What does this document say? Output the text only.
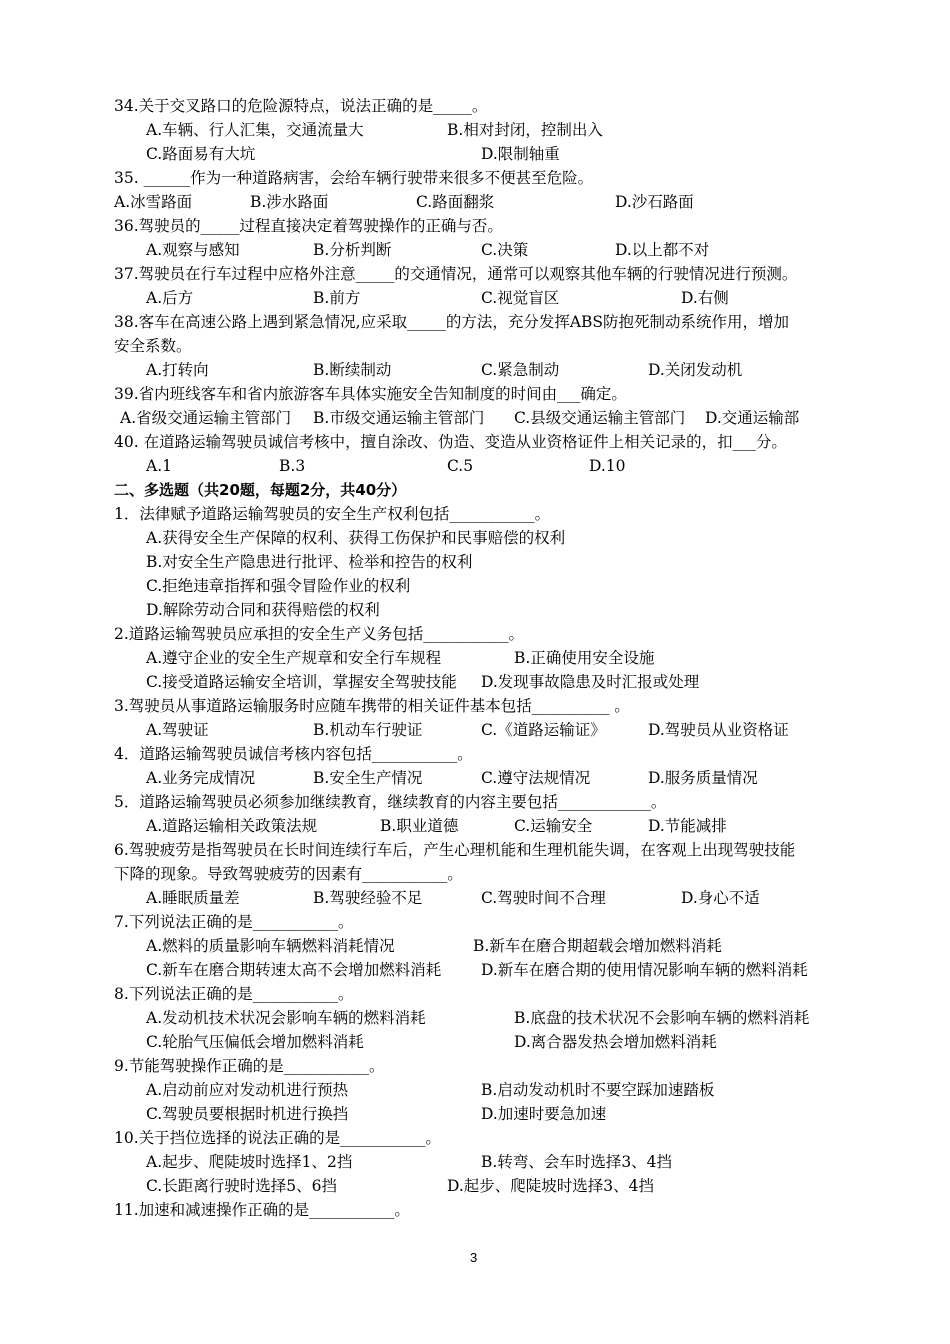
34.关于交叉路口的危险源特点，说法正确的是_____。
A.车辆、行人汇集，交通流量大	B.相对封闭，控制出入
C.路面易有大坑	D.限制轴重
35. ______作为一种道路病害，会给车辆行驶带来很多不便甚至危险。
A.冰雪路面	B.涉水路面	C.路面翻浆	D.沙石路面
36.驾驶员的_____过程直接决定着驾驶操作的正确与否。
A.观察与感知	B.分析判断	C.决策	D.以上都不对
37.驾驶员在行车过程中应格外注意_____的交通情况，通常可以观察其他车辆的行驶情况进行预测。
A.后方	B.前方	C.视觉盲区	D.右侧
38.客车在高速公路上遇到紧急情况,应采取_____的方法，充分发挥ABS防抱死制动系统作用，增加
安全系数。
A.打转向	B.断续制动	C.紧急制动	D.关闭发动机
39.省内班线客车和省内旅游客车具体实施安全告知制度的时间由___确定。
A.省级交通运输主管部门 B.市级交通运输主管部门 C.县级交通运输主管部门 D.交通运输部
40. 在道路运输驾驶员诚信考核中，擅自涂改、伪造、变造从业资格证件上相关记录的，扣___分。
A.1	B.3	C.5	D.10
二、多选题（共20题，每题2分，共40分）
1．法律赋予道路运输驾驶员的安全生产权利包括___________。
A.获得安全生产保障的权利、获得工伤保护和民事赔偿的权利
B.对安全生产隐患进行批评、检举和控告的权利
C.拒绝违章指挥和强令冒险作业的权利
D.解除劳动合同和获得赔偿的权利
2.道路运输驾驶员应承担的安全生产义务包括___________。
A.遵守企业的安全生产规章和安全行车规程	B.正确使用安全设施
C.接受道路运输安全培训，掌握安全驾驶技能 D.发现事故隐患及时汇报或处理
3.驾驶员从事道路运输服务时应随车携带的相关证件基本包括__________ 。
A.驾驶证	B.机动车行驶证	C.《道路运输证》	D.驾驶员从业资格证
4．道路运输驾驶员诚信考核内容包括___________。
A.业务完成情况	B.安全生产情况	C.遵守法规情况	D.服务质量情况
5．道路运输驾驶员必须参加继续教育，继续教育的内容主要包括____________。
A.道路运输相关政策法规	B.职业道德	C.运输安全	D.节能减排
6.驾驶疲劳是指驾驶员在长时间连续行车后，产生心理机能和生理机能失调，在客观上出现驾驶技能
下降的现象。导致驾驶疲劳的因素有___________。
A.睡眠质量差	B.驾驶经验不足	C.驾驶时间不合理	D.身心不适
7.下列说法正确的是___________。
A.燃料的质量影响车辆燃料消耗情况	B.新车在磨合期超载会增加燃料消耗
C.新车在磨合期转速太高不会增加燃料消耗	D.新车在磨合期的使用情况影响车辆的燃料消耗
8.下列说法正确的是___________。
A.发动机技术状况会影响车辆的燃料消耗	B.底盘的技术状况不会影响车辆的燃料消耗
C.轮胎气压偏低会增加燃料消耗	D.离合器发热会增加燃料消耗
9.节能驾驶操作正确的是___________。
A.启动前应对发动机进行预热	B.启动发动机时不要空踩加速踏板
C.驾驶员要根据时机进行换挡	D.加速时要急加速
10.关于挡位选择的说法正确的是___________。
A.起步、爬陡坡时选择1、2挡	B.转弯、会车时选择3、4挡
C.长距离行驶时选择5、6挡	D.起步、爬陡坡时选择3、4挡
11.加速和减速操作正确的是___________。
3
